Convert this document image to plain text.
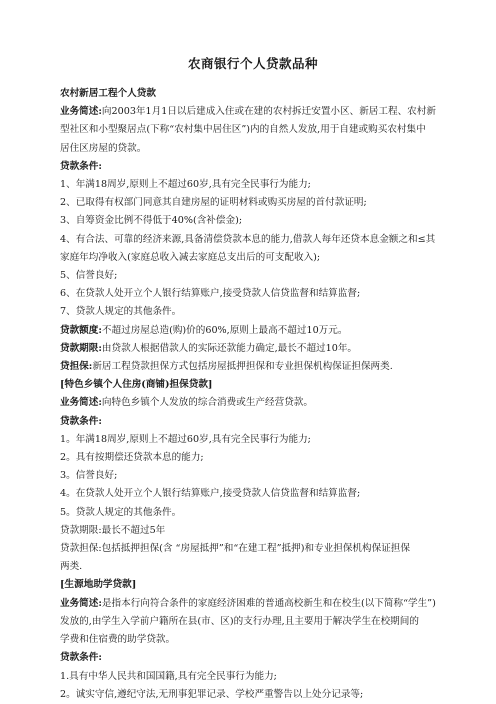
农商银行个人贷款品种
农村新居工程个人贷款
业务简述:向2003年1月1日以后建成入住或在建的农村拆迁安置小区、新居工程、农村新
型社区和小型聚居点(下称“农村集中居住区”)内的自然人发放,用于自建或购买农村集中
居住区房屋的贷款。
贷款条件:
1、年满18周岁,原则上不超过60岁,具有完全民事行为能力;
2、已取得有权部门同意其自建房屋的证明材料或购买房屋的首付款证明;
3、自筹资金比例不得低于40%(含补偿金);
4、有合法、可靠的经济来源,具备清偿贷款本息的能力,借款人每年还贷本息金额之和≤其
家庭年均净收入(家庭总收入减去家庭总支出后的可支配收入);
5、信誉良好;
6、在贷款人处开立个人银行结算账户,接受贷款人信贷监督和结算监督;
7、贷款人规定的其他条件。
贷款额度:不超过房屋总造(购)价的60%,原则上最高不超过10万元。
贷款期限:由贷款人根据借款人的实际还款能力确定,最长不超过10年。
贷担保:新居工程贷款担保方式包括房屋抵押担保和专业担保机构保证担保两类.
[特色乡镇个人住房(商铺)担保贷款]
业务简述:向特色乡镇个人发放的综合消费或生产经营贷款。
贷款条件:
1。年满18周岁,原则上不超过60岁,具有完全民事行为能力;
2。具有按期偿还贷款本息的能力;
3。信誉良好;
4。在贷款人处开立个人银行结算账户,接受贷款人信贷监督和结算监督;
5。贷款人规定的其他条件。
贷款期限:最长不超过5年
贷款担保:包括抵押担保(含 “房屋抵押”和“在建工程”抵押)和专业担保机构保证担保
两类.
[生源地助学贷款]
业务简述:是指本行向符合条件的家庭经济困难的普通高校新生和在校生(以下简称“学生”)
发放的,由学生入学前户籍所在县(市、区)的支行办理,且主要用于解决学生在校期间的
学费和住宿费的助学贷款。
贷款条件:
1.具有中华人民共和国国籍,具有完全民事行为能力;
2。诚实守信,遵纪守法,无刑事犯罪记录、学校严重警告以上处分记录等;
